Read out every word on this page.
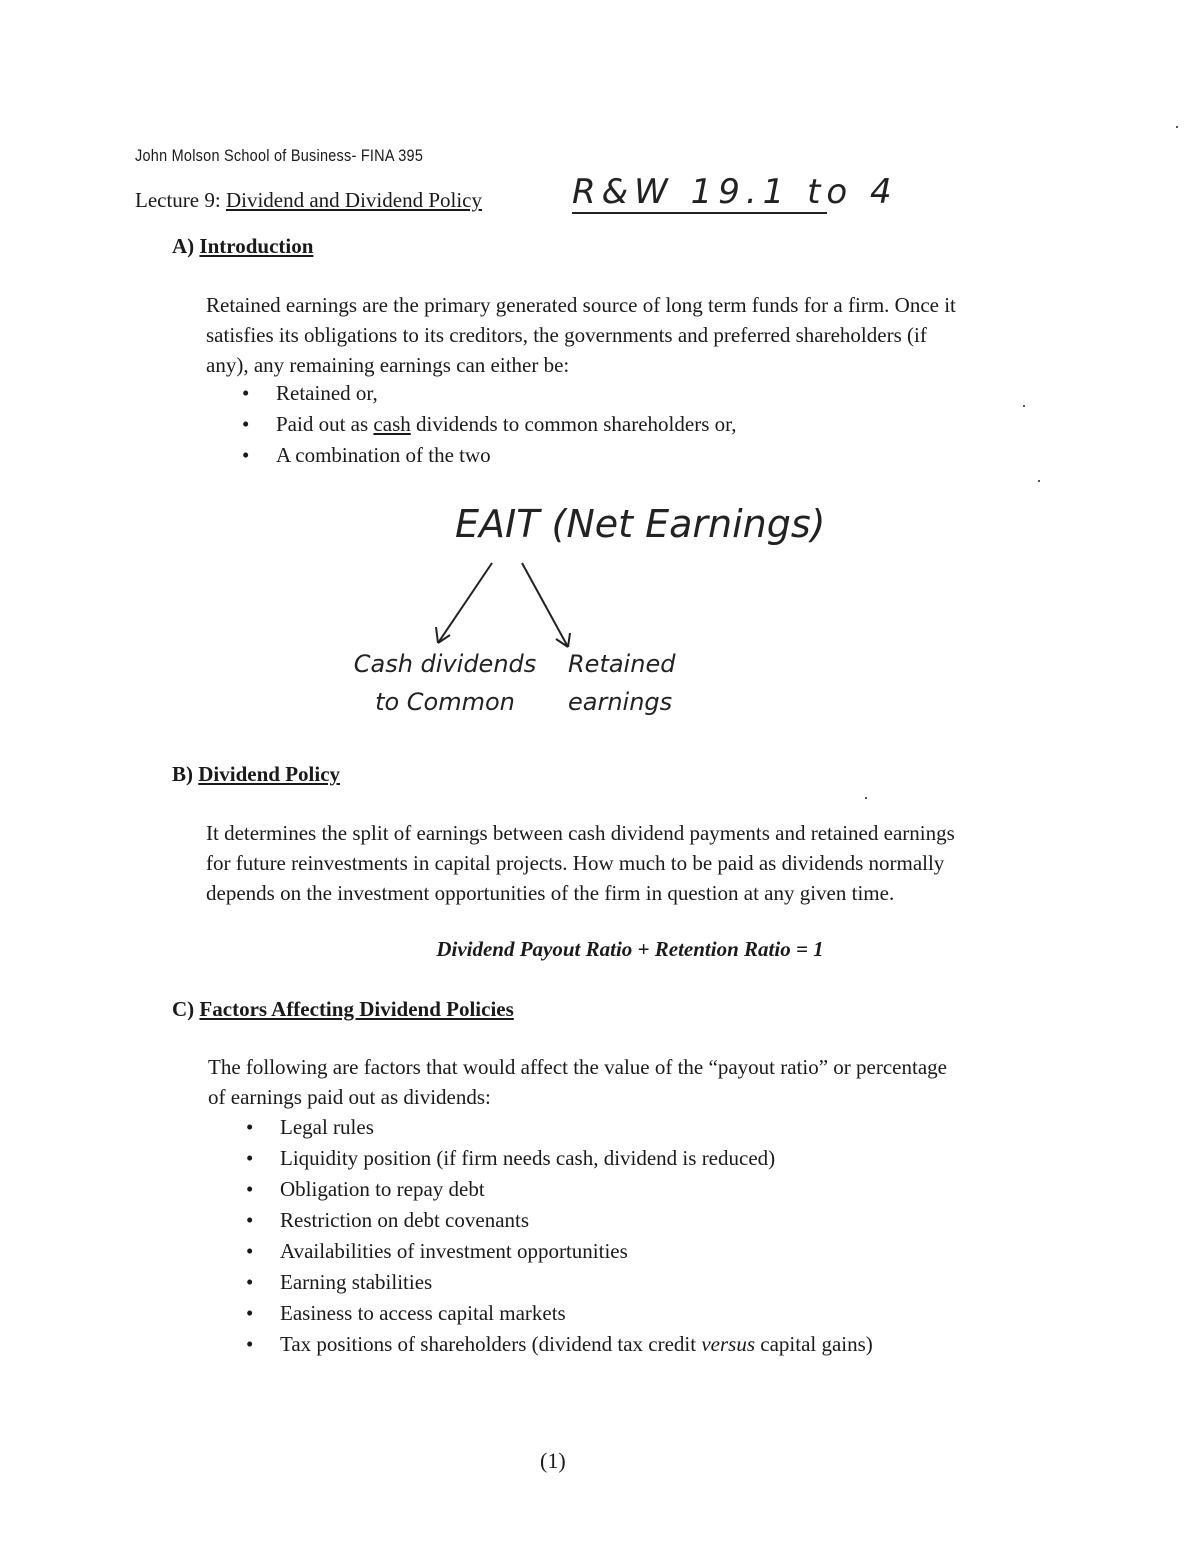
John Molson School of Business- FINA 395
Lecture 9: Dividend and Dividend Policy	R&W 19.1 to 4
A) Introduction
Retained earnings are the primary generated source of long term funds for a firm. Once it
satisfies its obligations to its creditors, the governments and preferred shareholders (if
any), any remaining earnings can either be:
• Retained or,
• Paid out as cash dividends to common shareholders or,
• A combination of the two
EAIT (Net Earnings)
Cash dividends
to Common
Retained
earnings
B) Dividend Policy
It determines the split of earnings between cash dividend payments and retained earnings
for future reinvestments in capital projects. How much to be paid as dividends normally
depends on the investment opportunities of the firm in question at any given time.
Dividend Payout Ratio + Retention Ratio = 1
C) Factors Affecting Dividend Policies
The following are factors that would affect the value of the “payout ratio” or percentage
of earnings paid out as dividends:
• Legal rules
• Liquidity position (if firm needs cash, dividend is reduced)
• Obligation to repay debt
• Restriction on debt covenants
• Availabilities of investment opportunities
• Earning stabilities
• Easiness to access capital markets
• Tax positions of shareholders (dividend tax credit versus capital gains)
(1)
